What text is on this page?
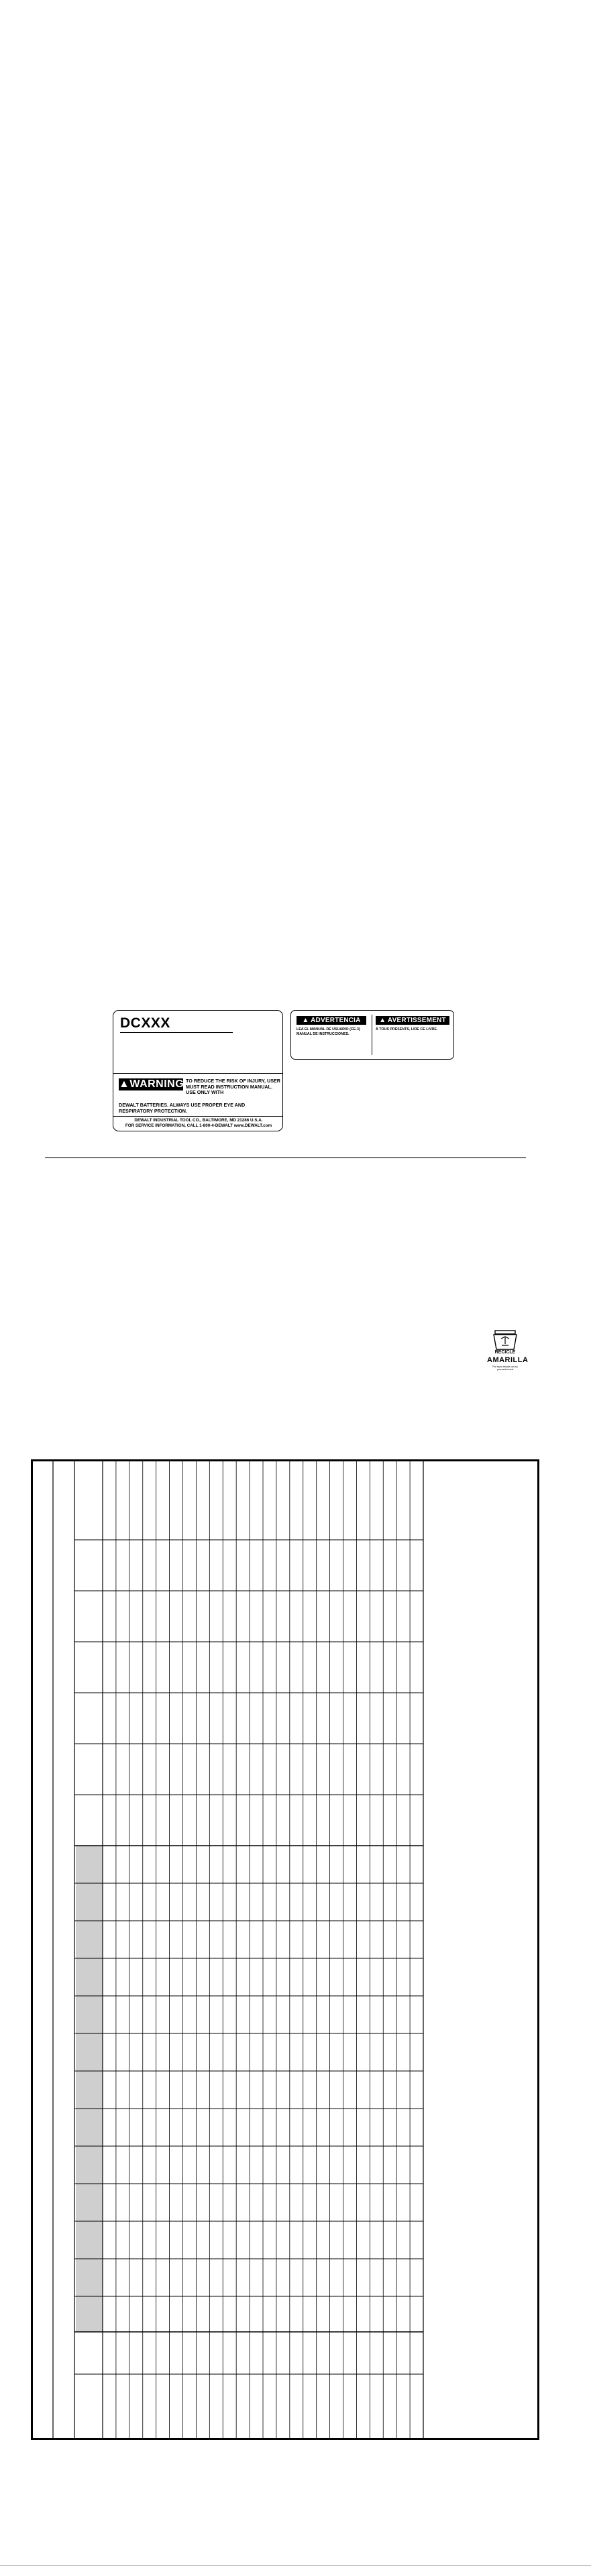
DCXXX
▲WARNING TO REDUCE THE RISK OF INJURY, USER MUST READ INSTRUCTION MANUAL. USE ONLY WITH
DEWALT BATTERIES. ALWAYS USE PROPER EYE AND RESPIRATORY PROTECTION.
DEWALT INDUSTRIAL TOOL CO., BALTIMORE, MD 21286 U.S.A.
FOR SERVICE INFORMATION, CALL 1-800-4-DEWALT www.DEWALT.com
▲ ADVERTENCIA	▲ AVERTISSEMENT
LEA EL MANUAL DE USUARIO (CE-3) MANUAL DE INSTRUCCIONES.
À TOUS PRÉSENTS, LIRE CE LIVRE.
RECICLE
AMARILLA
Por favor recicle con su proveedor local
